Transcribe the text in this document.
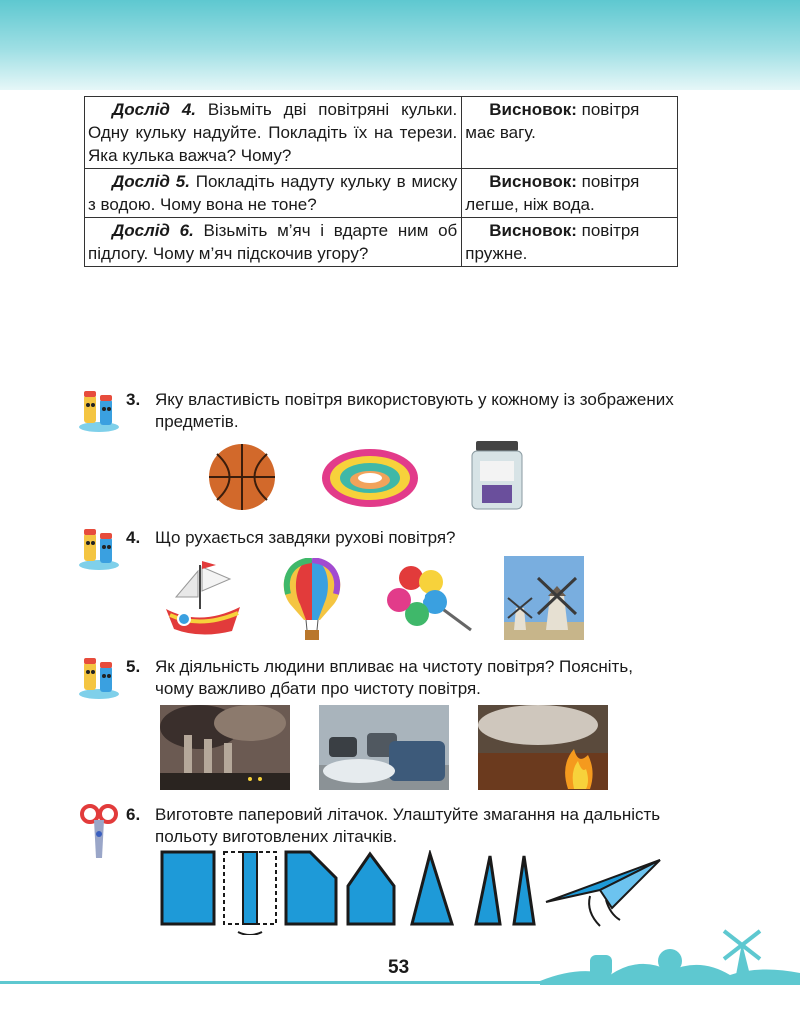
Дослід 4. Візьміть дві повітряні кульки. Одну кульку надуйте. Покладіть їх на терези. Яка кулька важча? Чому?	Висновок: повітря має вагу.
Дослід 5. Покладіть надуту кульку в миску з водою. Чому вона не тоне?	Висновок: повітря легше, ніж вода.
Дослід 6. Візьміть м’яч і вдарте ним об підлогу. Чому м’яч підскочив угору?	Висновок: повітря пружне.
3. Яку властивість повітря використовують у кожному із зображених предметів.
4. Що рухається завдяки рухові повітря?
5. Як діяльність людини впливає на чистоту повітря? Поясніть, чому важливо дбати про чистоту повітря.
6. Виготовте паперовий літачок. Улаштуйте змагання на дальність польоту виготовлених літачків.
53
